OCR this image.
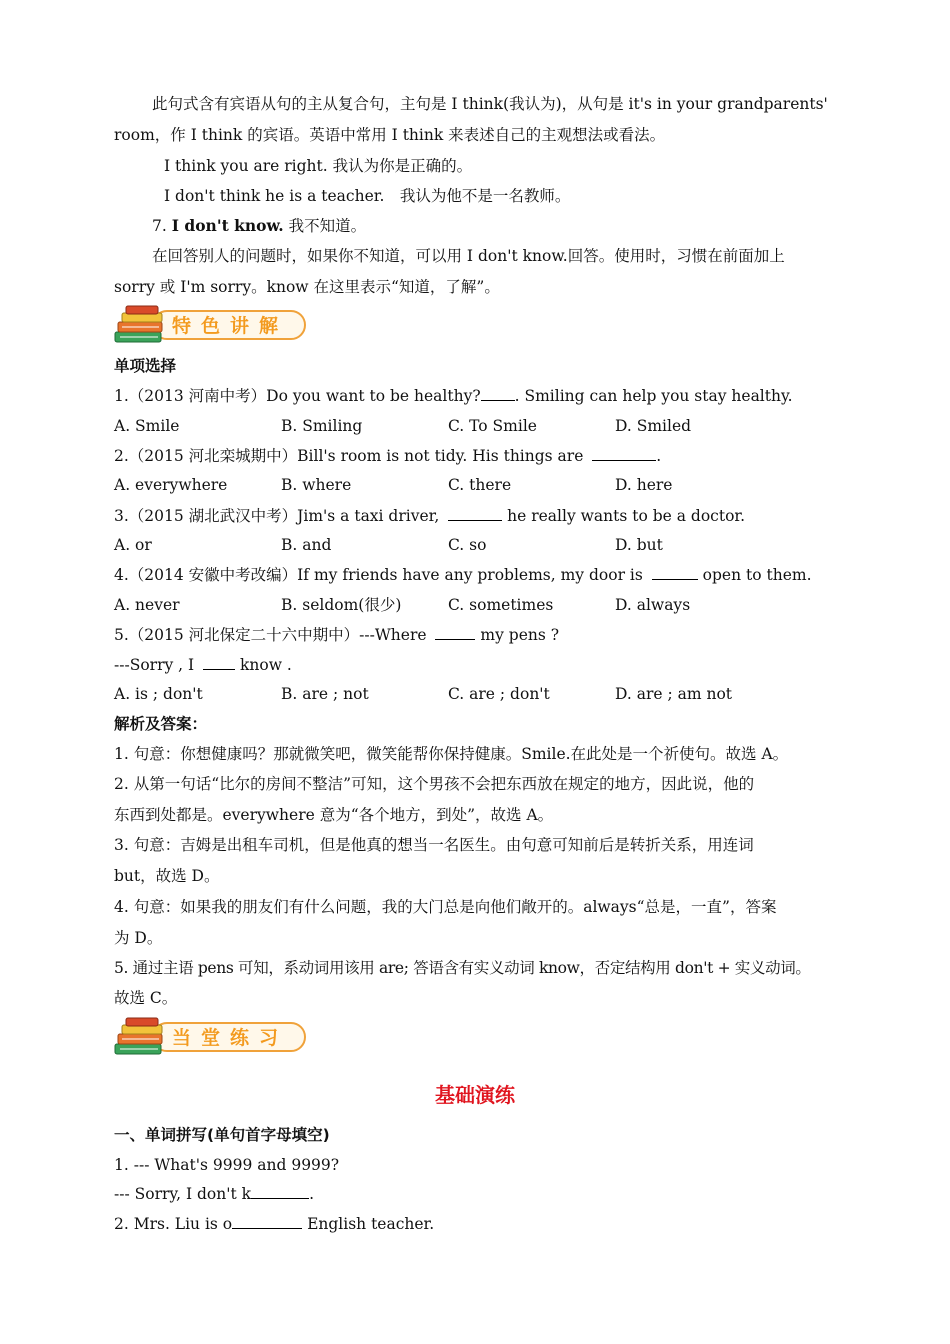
此句式含有宾语从句的主从复合句，主句是 I think(我认为)，从句是 it's in your grandparents'
room，作 I think 的宾语。英语中常用 I think 来表述自己的主观想法或看法。
I think you are right. 我认为你是正确的。
I don't think he is a teacher.　我认为他不是一名教师。
7. I don't know. 我不知道。
在回答别人的问题时，如果你不知道，可以用 I don't know.回答。使用时，习惯在前面加上
sorry 或 I'm sorry。know 在这里表示“知道，了解”。
特色讲解
单项选择
1.（2013 河南中考）Do you want to be healthy? . Smiling can help you stay healthy.
A. Smile	B. Smiling	C. To Smile	D. Smiled
2.（2015 河北栾城期中）Bill's room is not tidy. His things are	.
A. everywhere	B. where	C. there	D. here
3.（2015 湖北武汉中考）Jim's a taxi driver,	he really wants to be a doctor.
A. or	B. and	C. so	D. but
4.（2014 安徽中考改编）If my friends have any problems, my door is	open to them.
A. never	B. seldom(很少)	C. sometimes	D. always
5.（2015 河北保定二十六中期中）---Where	my pens ?
---Sorry , I  know .
A. is ; don't	B. are ; not	C. are ; don't	D. are ; am not
解析及答案：
1. 句意：你想健康吗？那就微笑吧，微笑能帮你保持健康。Smile.在此处是一个祈使句。故选 A。
2. 从第一句话“比尔的房间不整洁”可知，这个男孩不会把东西放在规定的地方，因此说，他的
东西到处都是。everywhere 意为“各个地方，到处”，故选 A。
3. 句意：吉姆是出租车司机，但是他真的想当一名医生。由句意可知前后是转折关系，用连词
but，故选 D。
4. 句意：如果我的朋友们有什么问题，我的大门总是向他们敞开的。always“总是，一直”，答案
为 D。
5. 通过主语 pens 可知，系动词用该用 are; 答语含有实义动词 know，否定结构用 don't + 实义动词。
故选 C。
当堂练习
基础演练
一、单词拼写(单句首字母填空)
1. --- What's 9999 and 9999?
--- Sorry, I don't k	.
2. Mrs. Liu is o	English teacher.
